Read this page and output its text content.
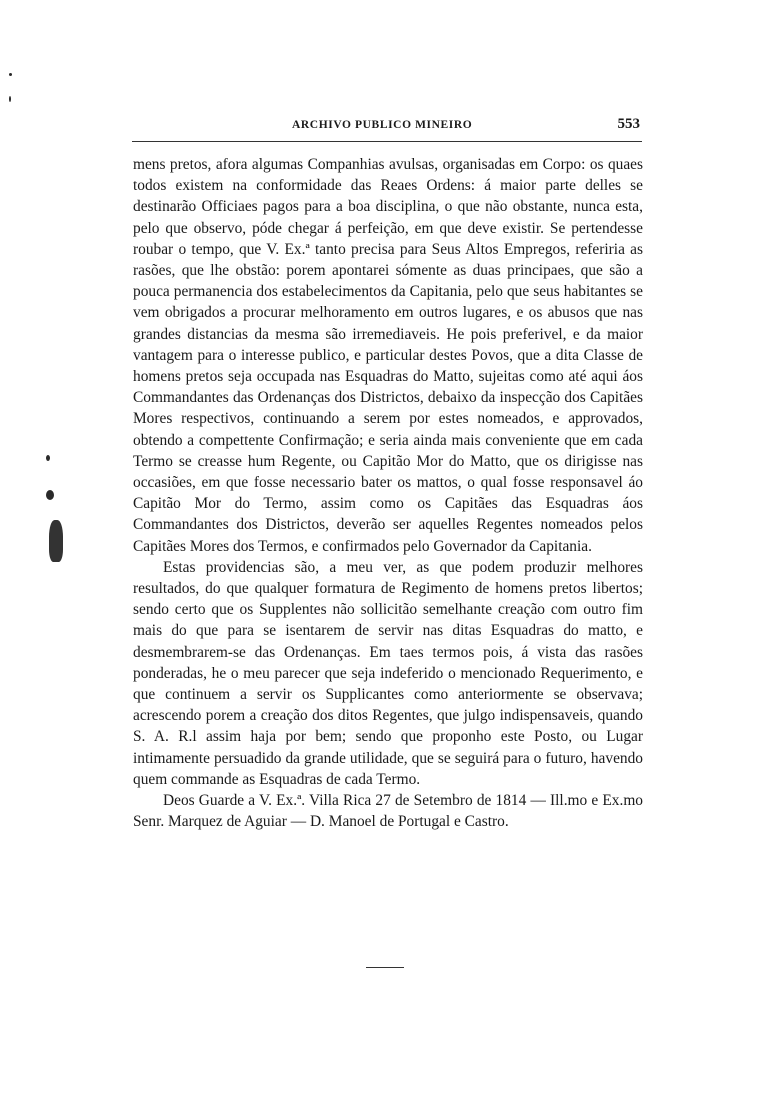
ARCHIVO PUBLICO MINEIRO	553

mens pretos, afora algumas Companhias avulsas, organisadas em Corpo: os quaes todos existem na conformidade das Reaes Ordens: á maior parte delles se destinarão Officiaes pagos para a boa disciplina, o que não obstante, nunca esta, pelo que observo, póde chegar á perfeição, em que deve existir. Se pertendesse roubar o tempo, que V. Ex.ª tanto precisa para Seus Altos Empregos, referiria as rasões, que lhe obstão: porem apontarei sómente as duas principaes, que são a pouca permanencia dos estabelecimentos da Capitania, pelo que seus habitantes se vem obrigados a procurar melhoramento em outros lugares, e os abusos que nas grandes distancias da mesma são irremediaveis. He pois preferivel, e da maior vantagem para o interesse publico, e particular destes Povos, que a dita Classe de homens pretos seja occupada nas Esquadras do Matto, sujeitas como até aqui áos Commandantes das Ordenanças dos Districtos, debaixo da inspecção dos Capitães Mores respectivos, continuando a serem por estes nomeados, e approvados, obtendo a compettente Confirmação; e seria ainda mais conveniente que em cada Termo se creasse hum Regente, ou Capitão Mor do Matto, que os dirigisse nas occasiões, em que fosse necessario bater os mattos, o qual fosse responsavel áo Capitão Mor do Termo, assim como os Capitães das Esquadras áos Commandantes dos Districtos, deverão ser aquelles Regentes nomeados pelos Capitães Mores dos Termos, e confirmados pelo Governador da Capitania.

Estas providencias são, a meu ver, as que podem produzir melhores resultados, do que qualquer formatura de Regimento de homens pretos libertos; sendo certo que os Supplentes não sollicitão semelhante creação com outro fim mais do que para se isentarem de servir nas ditas Esquadras do matto, e desmembrarem-se das Ordenanças. Em taes termos pois, á vista das rasões ponderadas, he o meu parecer que seja indeferido o mencionado Requerimento, e que continuem a servir os Supplicantes como anteriormente se observava; acrescendo porem a creação dos ditos Regentes, que julgo indispensaveis, quando S. A. R.l assim haja por bem; sendo que proponho este Posto, ou Lugar intimamente persuadido da grande utilidade, que se seguirá para o futuro, havendo quem commande as Esquadras de cada Termo.

Deos Guarde a V. Ex.ª. Villa Rica 27 de Setembro de 1814 — Ill.mo e Ex.mo Senr. Marquez de Aguiar — D. Manoel de Portugal e Castro.
